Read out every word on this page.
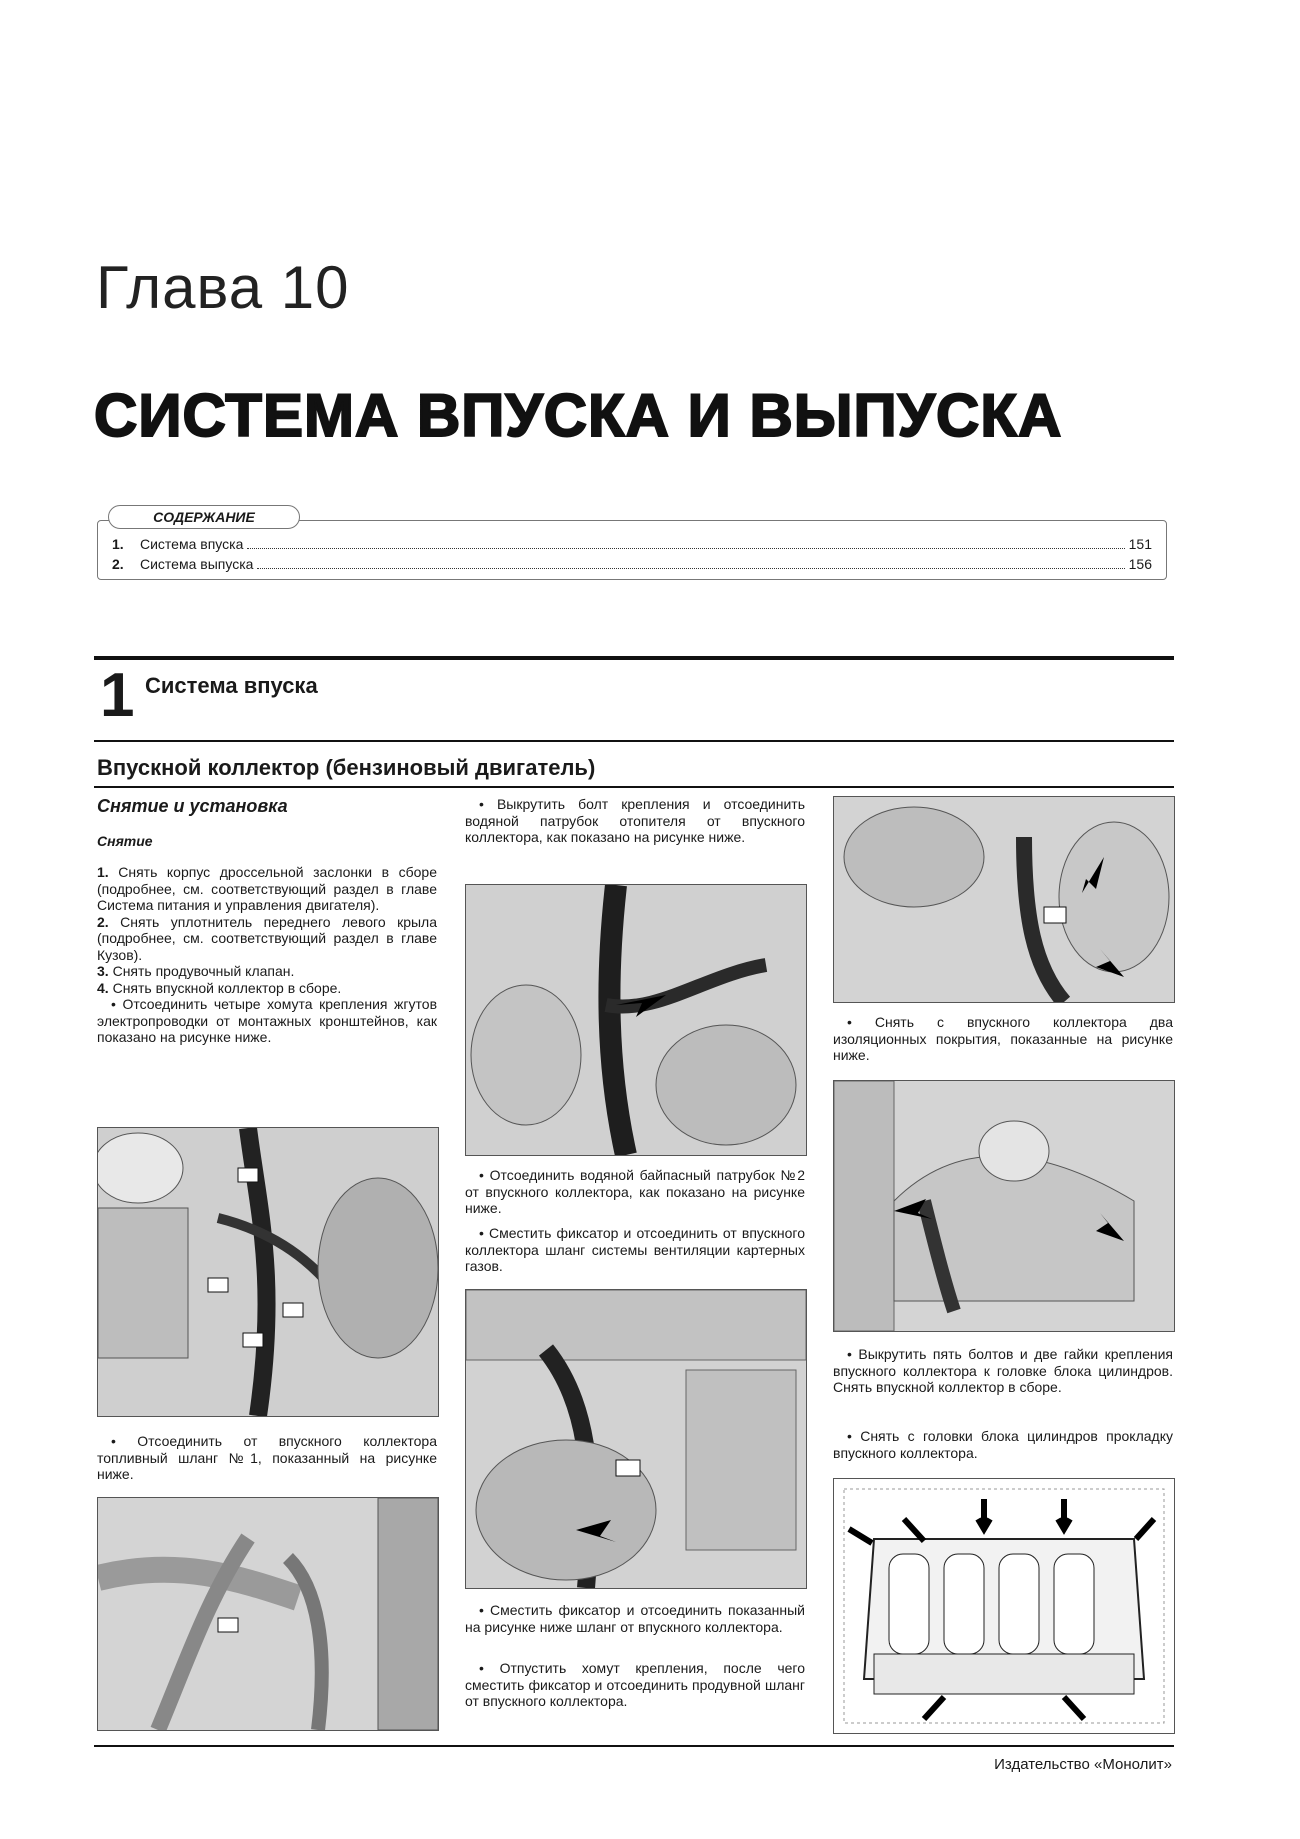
Глава 10
СИСТЕМА ВПУСКА И ВЫПУСКА
СОДЕРЖАНИЕ
1.	Система впуска	151
2.	Система выпуска	156
1 Система впуска
Впускной коллектор (бензиновый двигатель)
Снятие и установка
Снятие
1. Снять корпус дроссельной заслонки в сборе (подробнее, см. соответствующий раздел в главе Система питания и управления двигателя).
2. Снять уплотнитель переднего левого крыла (подробнее, см. соответствующий раздел в главе Кузов).
3. Снять продувочный клапан.
4. Снять впускной коллектор в сборе.
• Отсоединить четыре хомута крепления жгутов электропроводки от монтажных кронштейнов, как показано на рисунке ниже.
• Отсоединить от впускного коллектора топливный шланг №1, показанный на рисунке ниже.
• Выкрутить болт крепления и отсоединить водяной патрубок отопителя от впускного коллектора, как показано на рисунке ниже.
• Отсоединить водяной байпасный патрубок №2 от впускного коллектора, как показано на рисунке ниже.
• Сместить фиксатор и отсоединить от впускного коллектора шланг системы вентиляции картерных газов.
• Сместить фиксатор и отсоединить показанный на рисунке ниже шланг от впускного коллектора.
• Отпустить хомут крепления, после чего сместить фиксатор и отсоединить продувной шланг от впускного коллектора.
• Снять с впускного коллектора два изоляционных покрытия, показанные на рисунке ниже.
• Выкрутить пять болтов и две гайки крепления впускного коллектора к головке блока цилиндров. Снять впускной коллектор в сборе.
• Снять с головки блока цилиндров прокладку впускного коллектора.
Издательство «Монолит»
